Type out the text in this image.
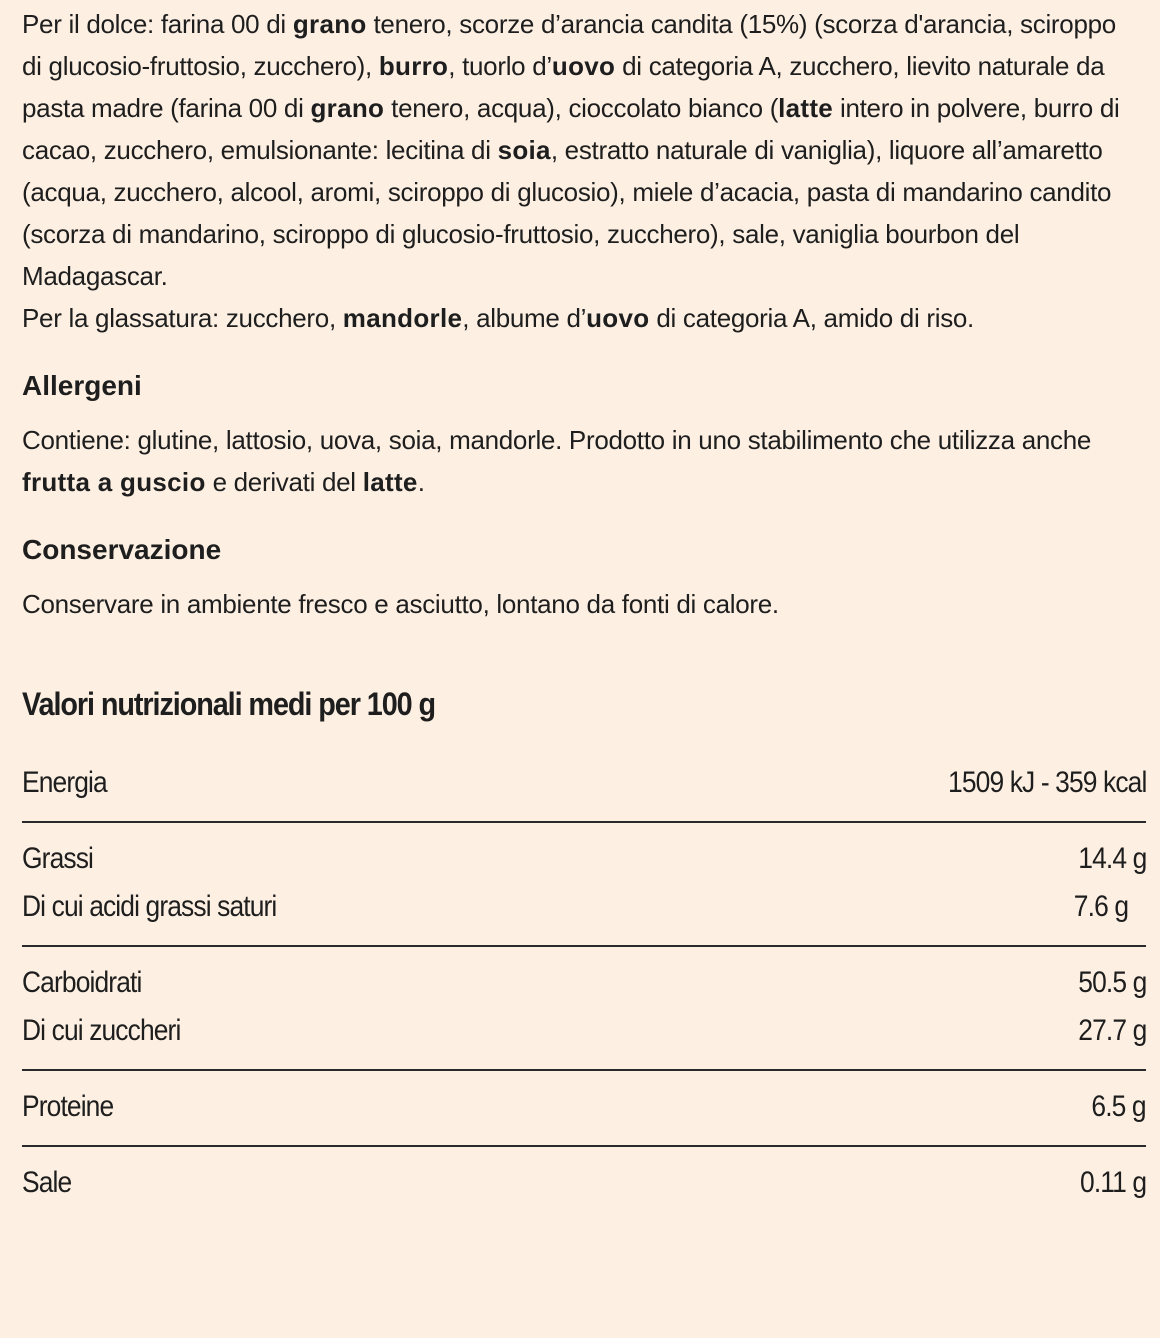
Per il dolce: farina 00 di grano tenero, scorze d’arancia candita (15%) (scorza d'arancia, sciroppo di glucosio-fruttosio, zucchero), burro, tuorlo d’uovo di categoria A, zucchero, lievito naturale da pasta madre (farina 00 di grano tenero, acqua), cioccolato bianco (latte intero in polvere, burro di cacao, zucchero, emulsionante: lecitina di soia, estratto naturale di vaniglia), liquore all’amaretto (acqua, zucchero, alcool, aromi, sciroppo di glucosio), miele d’acacia, pasta di mandarino candito (scorza di mandarino, sciroppo di glucosio-fruttosio, zucchero), sale, vaniglia bourbon del Madagascar.

Per la glassatura: zucchero, mandorle, albume d’uovo di categoria A, amido di riso.

Allergeni

Contiene: glutine, lattosio, uova, soia, mandorle. Prodotto in uno stabilimento che utilizza anche frutta a guscio e derivati del latte.

Conservazione

Conservare in ambiente fresco e asciutto, lontano da fonti di calore.

Valori nutrizionali medi per 100 g
Energia	1509 kJ - 359 kcal
Grassi	14.4 g
Di cui acidi grassi saturi	7.6 g
Carboidrati	50.5 g
Di cui zuccheri	27.7 g
Proteine	6.5 g
Sale	0.11 g
